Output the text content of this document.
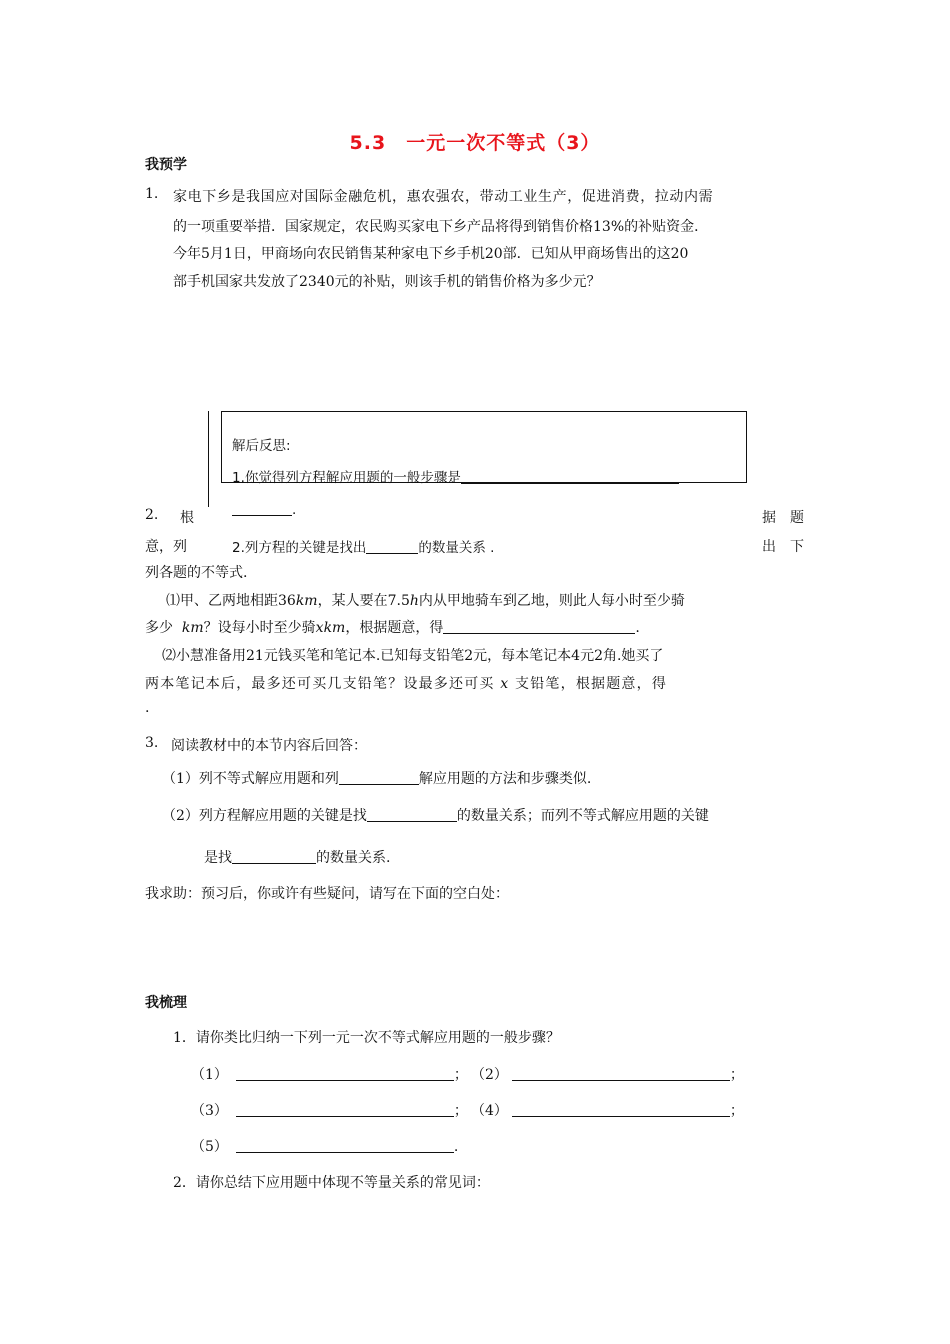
5.3　一元一次不等式（3）
我预学
1. 家电下乡是我国应对国际金融危机，惠农强农，带动工业生产，促进消费，拉动内需
的一项重要举措．国家规定，农民购买家电下乡产品将得到销售价格13%的补贴资金．
今年5月1日，甲商场向农民销售某种家电下乡手机20部．已知从甲商场售出的这20
部手机国家共发放了2340元的补贴，则该手机的销售价格为多少元？
解后反思:
1.你觉得列方程解应用题的一般步骤是
.
2.列方程的关键是找出	的数量关系 .
2. 根	据 题
意，列	出 下
列各题的不等式.
⑴甲、乙两地相距36km，某人要在7.5h内从甲地骑车到乙地，则此人每小时至少骑
多少 km？设每小时至少骑xkm，根据题意，得	.
⑵小慧准备用21元钱买笔和笔记本.已知每支铅笔2元，每本笔记本4元2角.她买了
两本笔记本后，最多还可买几支铅笔？设最多还可买 x 支铅笔，根据题意，得
.
3. 阅读教材中的本节内容后回答：
（1）列不等式解应用题和列	解应用题的方法和步骤类似.
（2）列方程解应用题的关键是找	的数量关系；而列不等式解应用题的关键
是找	的数量关系.
我求助：预习后，你或许有些疑问，请写在下面的空白处：
我梳理
1．请你类比归纳一下列一元一次不等式解应用题的一般步骤？
（1）	； （2）	；
（3）	； （4）	；
（5）	.
2．请你总结下应用题中体现不等量关系的常见词：
